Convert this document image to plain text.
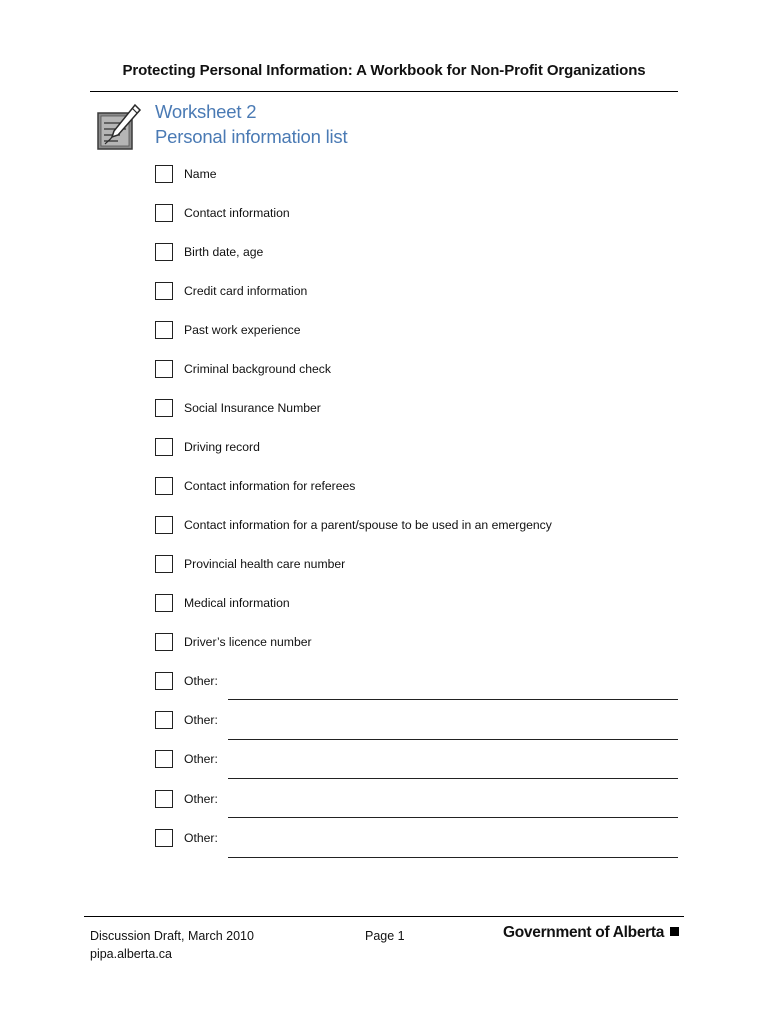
Protecting Personal Information: A Workbook for Non-Profit Organizations
Worksheet 2
Personal information list
Name
Contact information
Birth date, age
Credit card information
Past work experience
Criminal background check
Social Insurance Number
Driving record
Contact information for referees
Contact information for a parent/spouse to be used in an emergency
Provincial health care number
Medical information
Driver’s licence number
Other:
Other:
Other:
Other:
Other:
Discussion Draft, March 2010
pipa.alberta.ca
Page 1	Government of Alberta
